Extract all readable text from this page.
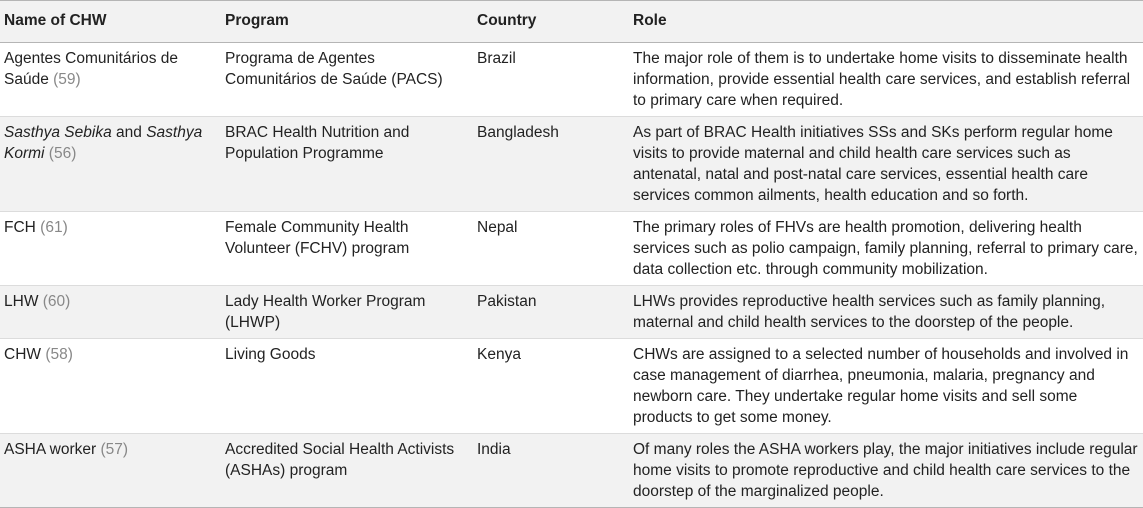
Name of CHW	Program	Country	Role
Agentes Comunitários de Saúde (59)	Programa de Agentes Comunitários de Saúde (PACS)	Brazil	The major role of them is to undertake home visits to disseminate health information, provide essential health care services, and establish referral to primary care when required.
Sasthya Sebika and Sasthya Kormi (56)	BRAC Health Nutrition and Population Programme	Bangladesh	As part of BRAC Health initiatives SSs and SKs perform regular home visits to provide maternal and child health care services such as antenatal, natal and post-natal care services, essential health care services common ailments, health education and so forth.
FCH (61)	Female Community Health Volunteer (FCHV) program	Nepal	The primary roles of FHVs are health promotion, delivering health services such as polio campaign, family planning, referral to primary care, data collection etc. through community mobilization.
LHW (60)	Lady Health Worker Program (LHWP)	Pakistan	LHWs provides reproductive health services such as family planning, maternal and child health services to the doorstep of the people.
CHW (58)	Living Goods	Kenya	CHWs are assigned to a selected number of households and involved in case management of diarrhea, pneumonia, malaria, pregnancy and newborn care. They undertake regular home visits and sell some products to get some money.
ASHA worker (57)	Accredited Social Health Activists (ASHAs) program	India	Of many roles the ASHA workers play, the major initiatives include regular home visits to promote reproductive and child health care services to the doorstep of the marginalized people.
